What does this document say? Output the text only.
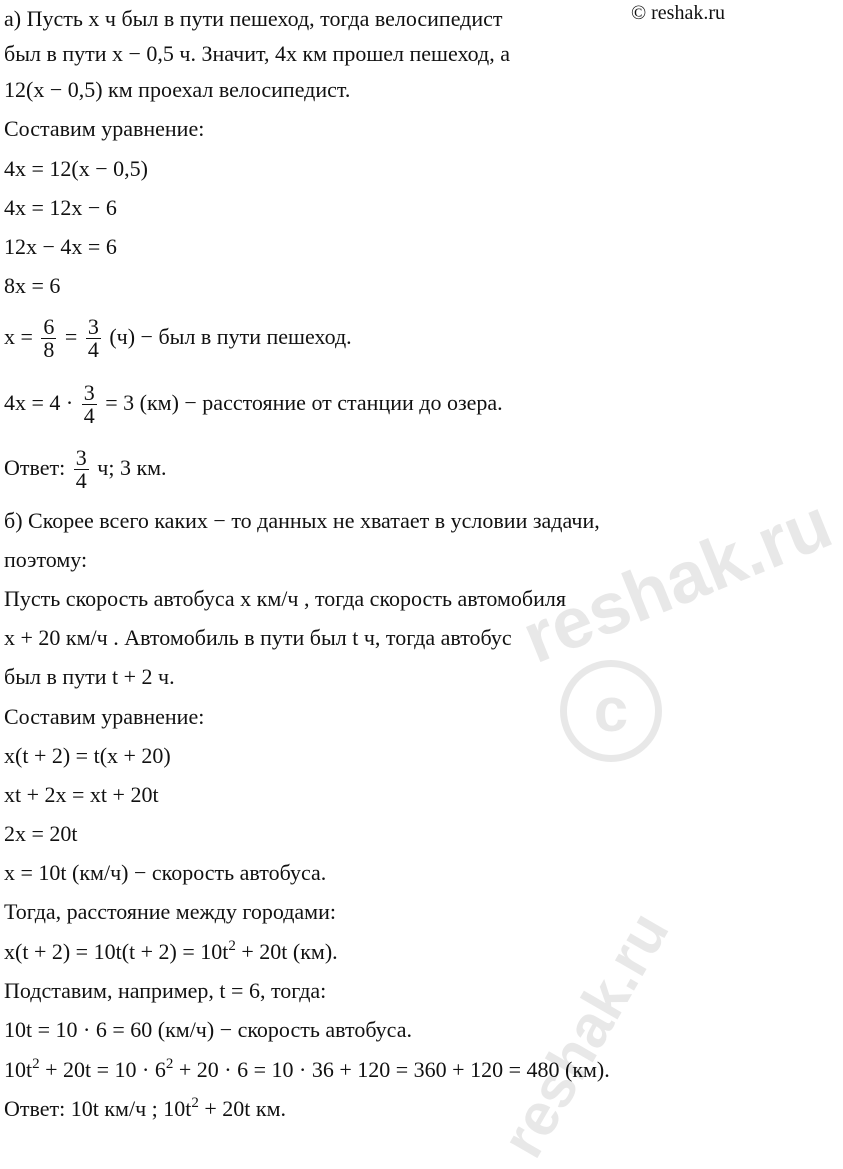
reshak.ru
c
reshak.ru
© reshak.ru
а) Пусть x ч был в пути пешеход, тогда велосипедист
был в пути x − 0,5 ч. Значит, 4x км прошел пешеход, а
12(x − 0,5) км проехал велосипедист.
Составим уравнение:
4x = 12(x − 0,5)
4x = 12x − 6
12x − 4x = 6
8x = 6
$x = \frac{6}{8} = \frac{3}{4} (ч)$ − был в пути пешеход.
$4x = 4 \cdot \frac{3}{4} = 3$ (км) − расстояние от станции до озера.
Ответ: $\frac{3}{4} ч$; 3 км.
б) Скорее всего каких − то данных не хватает в условии задачи,
поэтому:
Пусть скорость автобуса x км/ч , тогда скорость автомобиля
x + 20 км/ч . Автомобиль в пути был t ч, тогда автобус
был в пути t + 2 ч.
Составим уравнение:
x(t + 2) = t(x + 20)
xt + 2x = xt + 20t
2x = 20t
x = 10t (км/ч) − скорость автобуса.
Тогда, расстояние между городами:
$x(t + 2) = 10t(t + 2) = 10t^2 + 20t$ (км).
Подставим, например, t = 6, тогда:
10t = 10 · 6 = 60 (км/ч) − скорость автобуса.
$10t^2 + 20t = 10 \cdot 6^2 + 20 \cdot 6 = 10 \cdot 36 + 120 = 360 + 120 = 480$ (км).
Ответ: 10t км/ч ; $10t^2 + 20t$ км.
